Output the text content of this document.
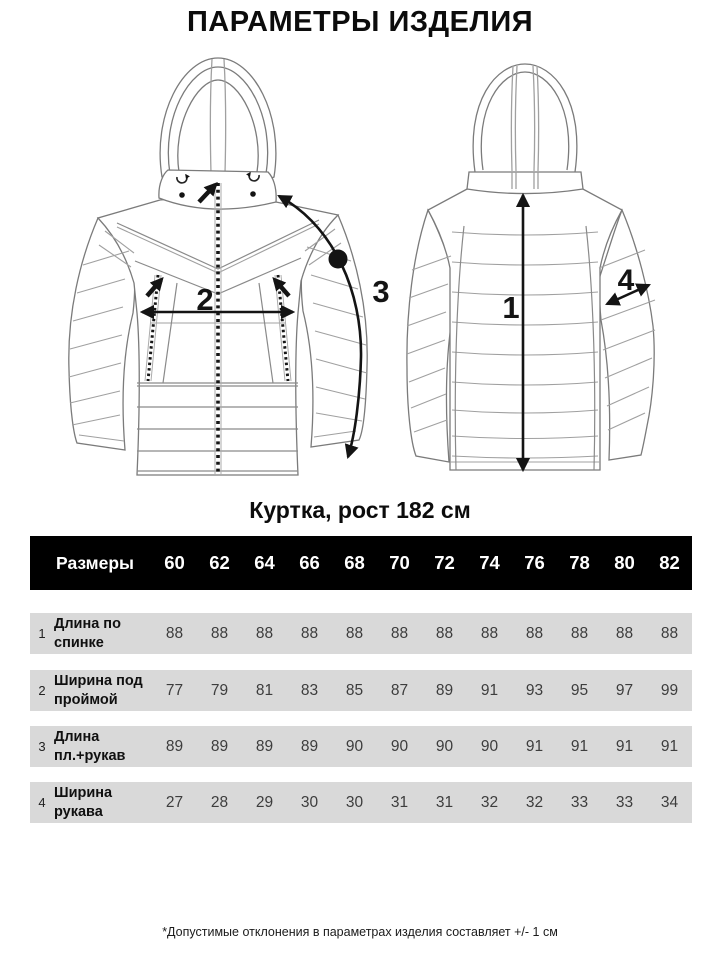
ПАРАМЕТРЫ ИЗДЕЛИЯ
2	3	1
4
Куртка, рост 182 см
Размеры	60	62	64	66	68	70	72	74	76	78	80	82
1
Длина по
спинке
88	88	88	88	88	88	88	88	88	88	88	88
2
Ширина под
проймой
77	79	81	83	85	87	89	91	93	95	97	99
3
Длина
пл.+рукав
89	89	89	89	90	90	90	90	91	91	91	91
4
Ширина
рукава
27	28	29	30	30	31	31	32	32	33	33	34
*Допустимые отклонения в параметрах изделия составляет +/- 1 см
